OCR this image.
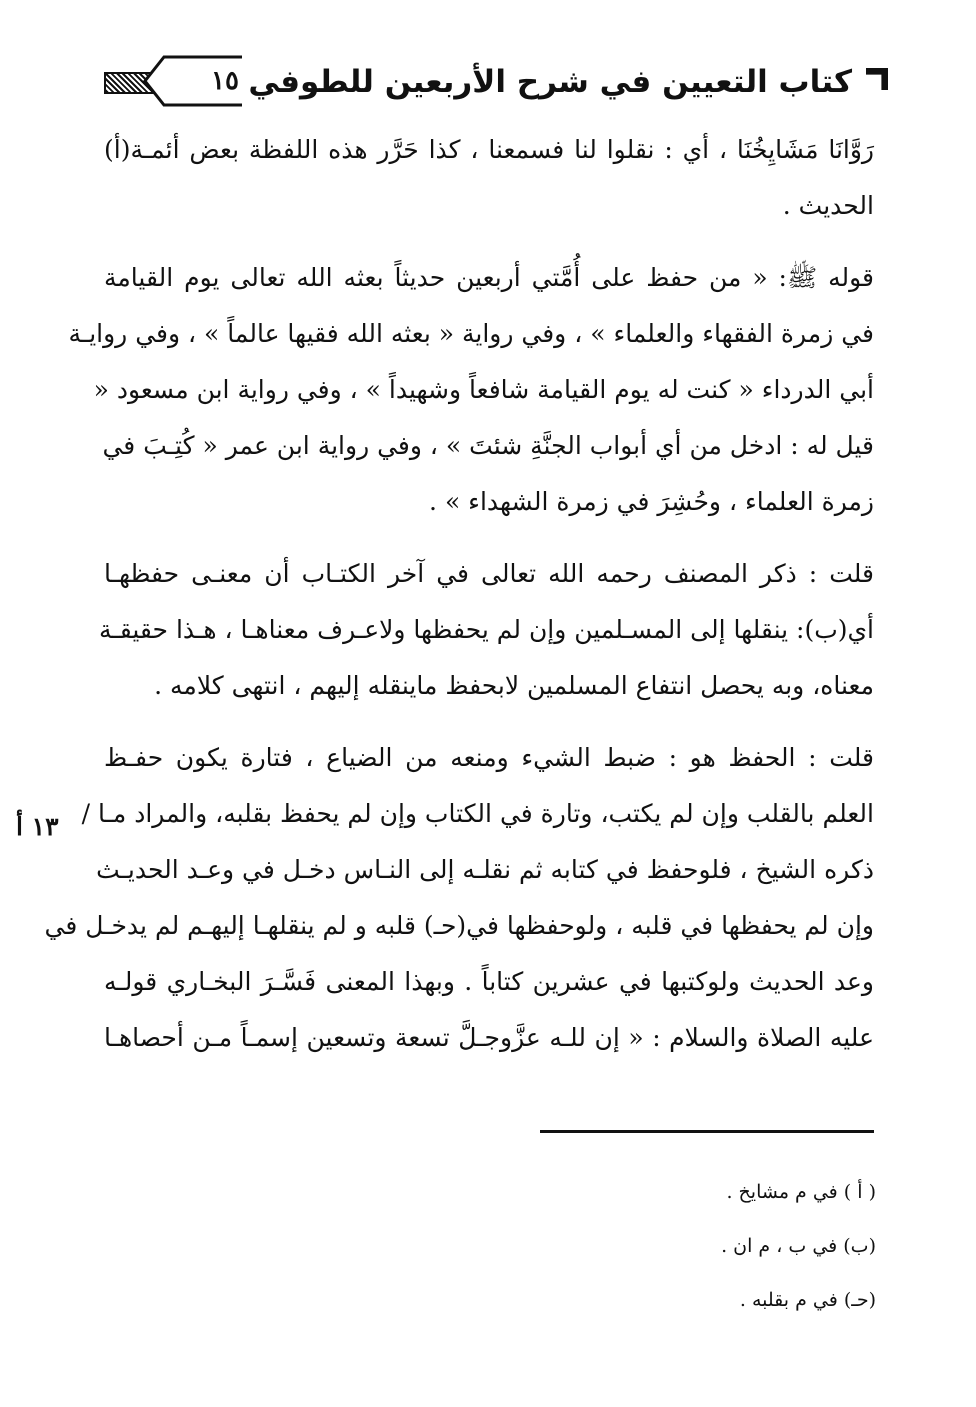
١٥ كتاب التعيين في شرح الأربعين للطوفي
رَوَّانَا مَشَايِخُنَا ، أي : نقلوا لنا فسمعنا ، كذا حَرَّر هذه اللفظة بعض أئمـة(أ)
الحديث .
قوله ﷺ: « من حفظ على أُمَّتي أربعين حديثاً بعثه الله تعالى يوم القيامة
في زمرة الفقهاء والعلماء » ، وفي رواية « بعثه الله فقيها عالماً » ، وفي روايـة
أبي الدرداء « كنت له يوم القيامة شافعاً وشهيداً » ، وفي رواية ابن مسعود «
قيل له : ادخل من أي أبواب الجنَّةِ شئتَ » ، وفي رواية ابن عمر « كُتِـبَ في
زمرة العلماء ، وحُشِرَ في زمرة الشهداء » .
قلت : ذكر المصنف رحمه الله تعالى في آخر الكتـاب أن معنـى حفظهـا
أي(ب): ينقلها إلى المسـلمين وإن لم يحفظها ولاعـرف معناهـا ، هـذا حقيقـة
معناه، وبه يحصل انتفاع المسلمين لابحفظ ماينقله إليهم ، انتهى كلامه .
قلت : الحفظ هو : ضبط الشيء ومنعه من الضياع ، فتارة يكون حفـظ
العلم بالقلب وإن لم يكتب، وتارة في الكتاب وإن لم يحفظ بقلبه، والمراد مـا /
ذكره الشيخ ، فلوحفظ في كتابه ثم نقلـه إلى النـاس دخـل في وعـد الحديـث
وإن لم يحفظها في قلبه ، ولوحفظها في(حـ) قلبه و لم ينقلهـا إليهـم لم يدخـل في
وعد الحديث ولوكتبها في عشرين كتاباً . وبهذا المعنى فَسَّـرَ البخـاري قولـه
عليه الصلاة والسلام : « إن للـه عزَّوجـلَّ تسعة وتسعين إسمـاً مـن أحصاهـا
١٣ أ
( أ ) في م مشايخ .
(ب) في ب ، م ان .
(حـ) في م بقلبه .
